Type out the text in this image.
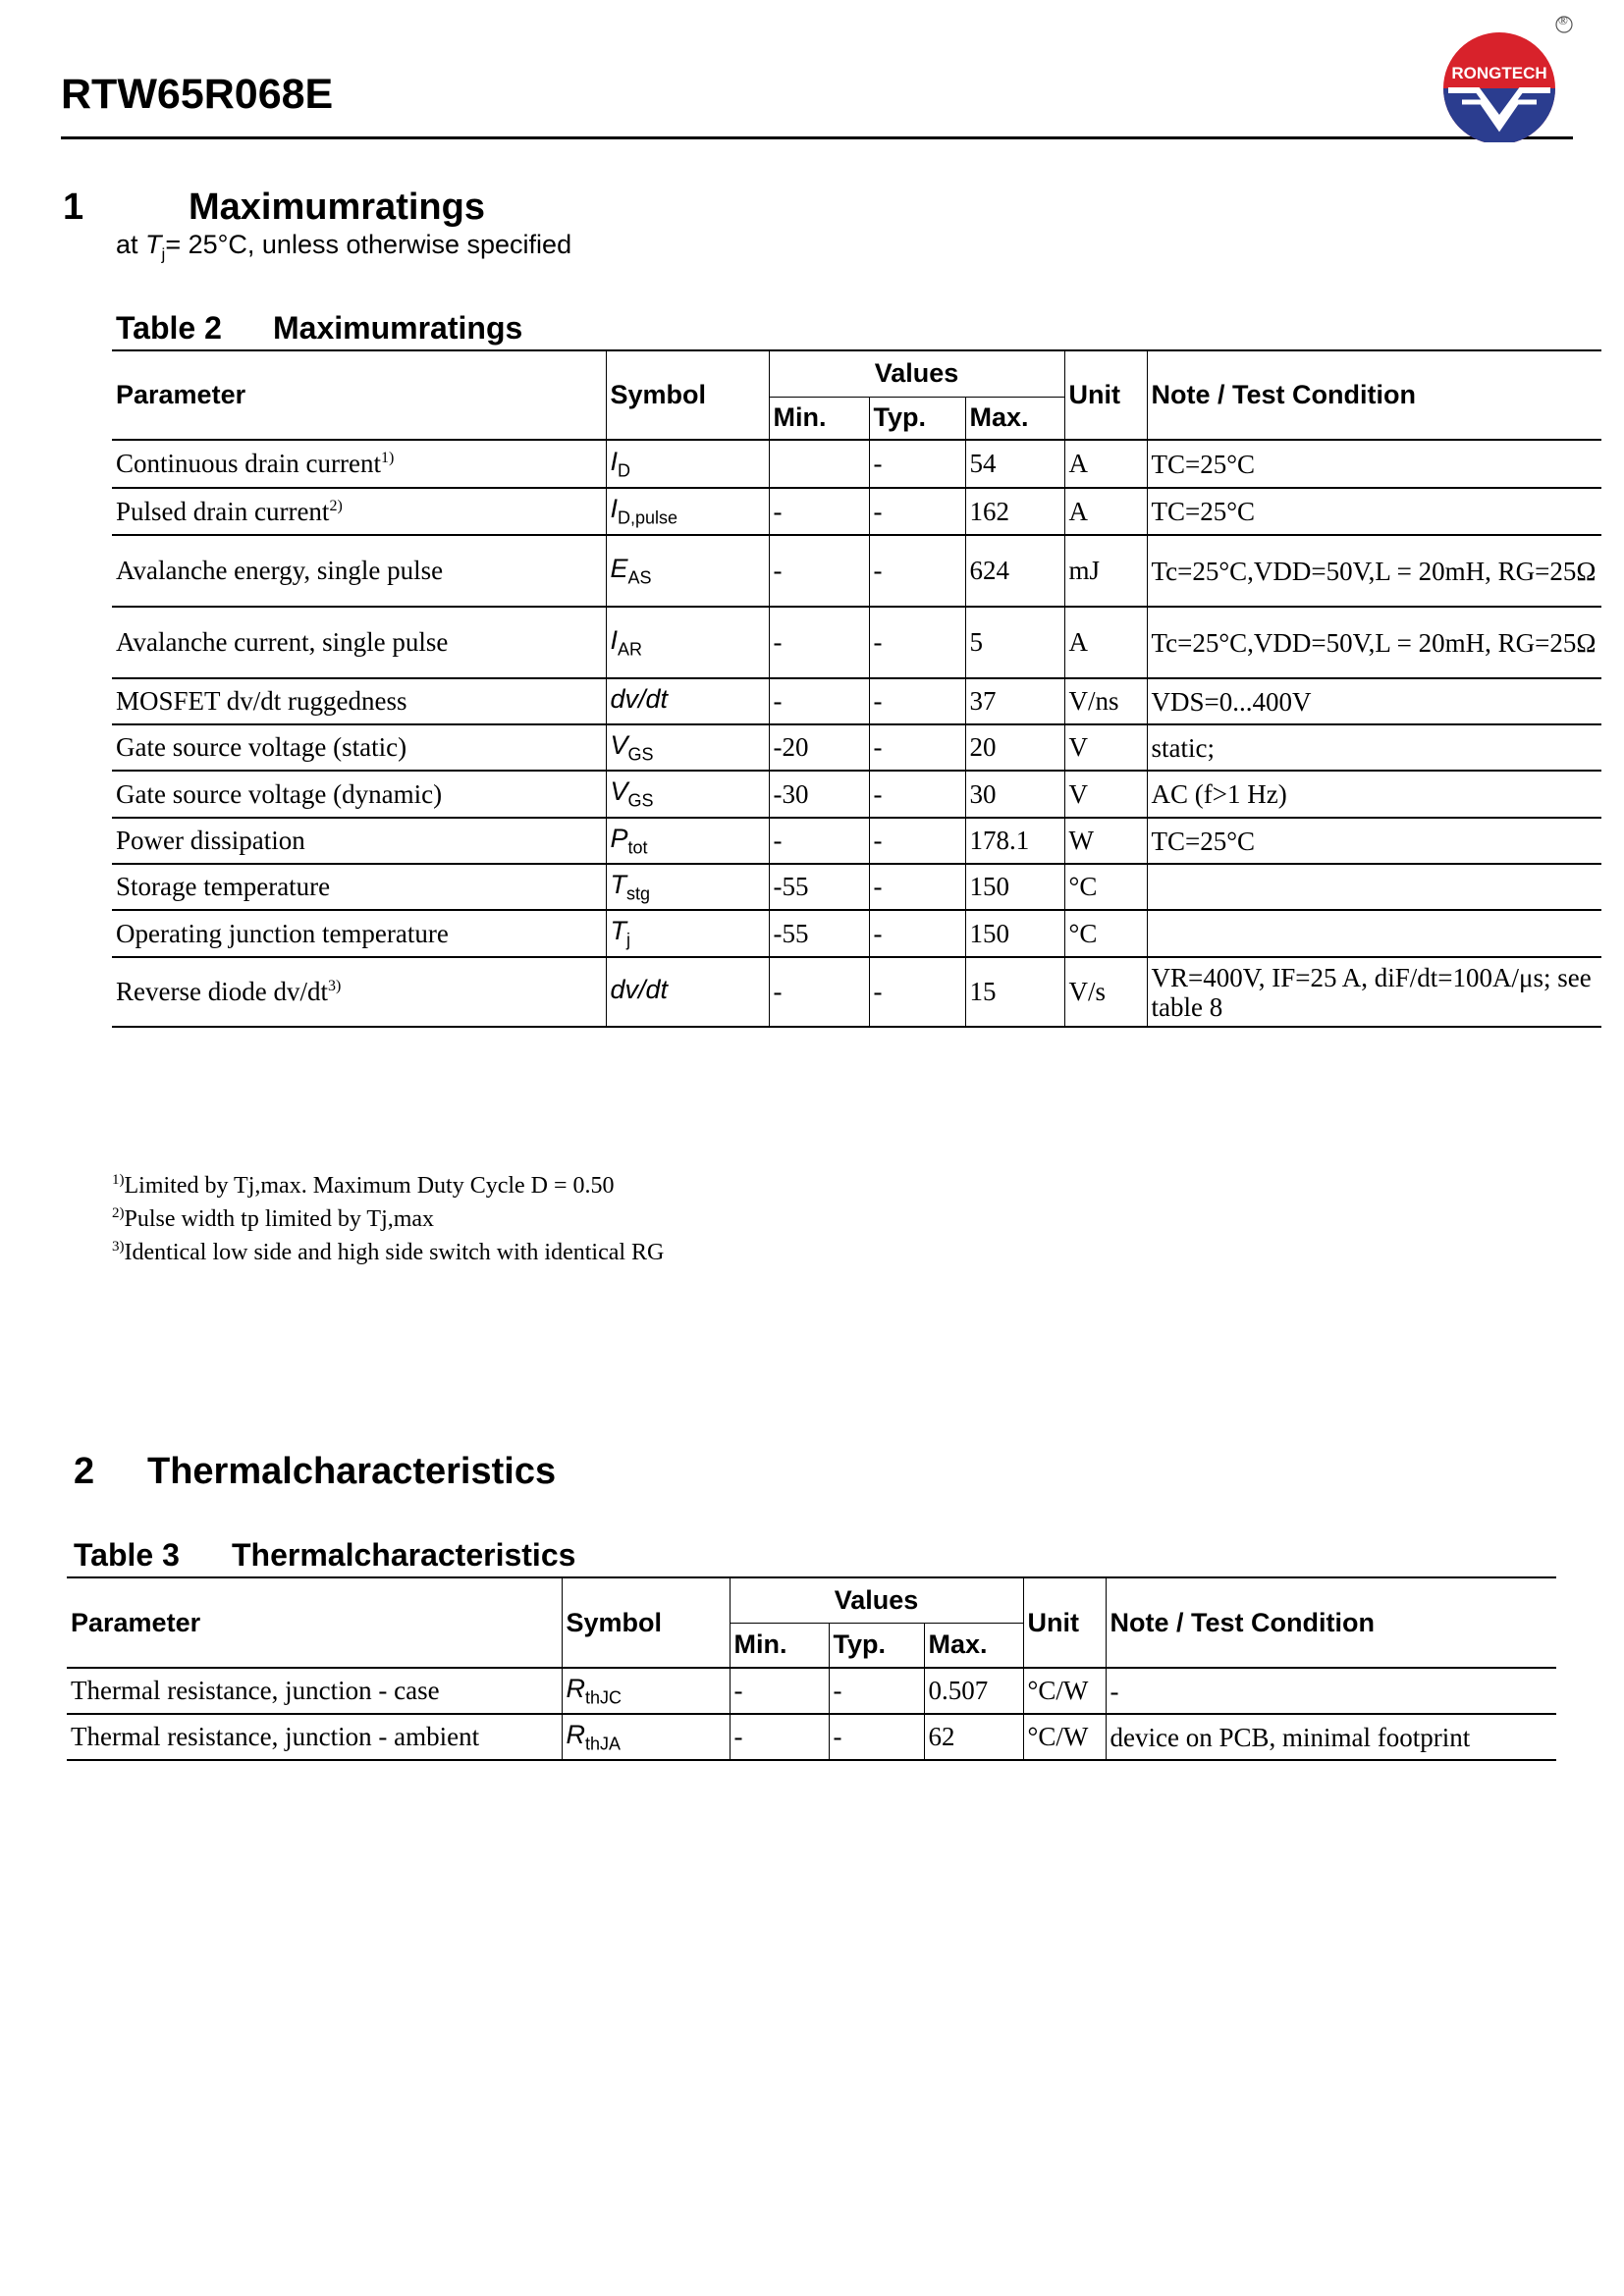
RTW65R068E	RONGTECH
®
1	Maximumratings
at $T_j= 25^\circ C$, unless otherwise specified
Table 2 Maximumratings
Parameter	Symbol	Values			Unit	Note / Test Condition
		Min.	Typ.	Max.		
Continuous drain current$^{1)}$	$I_D$		-	54	A	TC=25°C
Pulsed drain current$^{2)}$	$I_{D,pulse}$	-	-	162	A	TC=25°C
Avalanche energy, single pulse	$E_{AS}$	-	-	624	mJ	Tc=25°C,VDD=50V,L = 20mH, RG=25Ω
Avalanche current, single pulse	$I_{AR}$	-	-	5	A	Tc=25°C,VDD=50V,L = 20mH, RG=25Ω
MOSFET dv/dt ruggedness	dv/dt	-	-	37	V/ns	VDS=0...400V
Gate source voltage (static)	$V_{GS}$	-20	-	20	V	static;
Gate source voltage (dynamic)	$V_{GS}$	-30	-	30	V	AC (f>1 Hz)
Power dissipation	$P_{tot}$	-	-	178.1	W	TC=25°C
Storage temperature	$T_{stg}$	-55	-	150	°C	
Operating junction temperature	$T_j$	-55	-	150	°C	
Reverse diode $dv/dt^{3)}$	dv/dt	-	-	15	V/s	VR=400V, IF=25 A, diF/dt=100A/μs; see table 8
$^{1)}$Limited by Tj,max. Maximum Duty Cycle D = 0.50
$^{2)}$Pulse width tp limited by Tj,max
$^{3)}$Identical low side and high side switch with identical RG
2 Thermalcharacteristics
Table 3 Thermalcharacteristics
Parameter	Symbol	Values			Unit	Note / Test Condition
		Min.	Typ.	Max.		
Thermal resistance, junction - case	$R_{thJC}$	-	-	0.507	°C/W	-
Thermal resistance, junction - ambient	$R_{thJA}$	-	-	62	°C/W	device on PCB, minimal footprint
